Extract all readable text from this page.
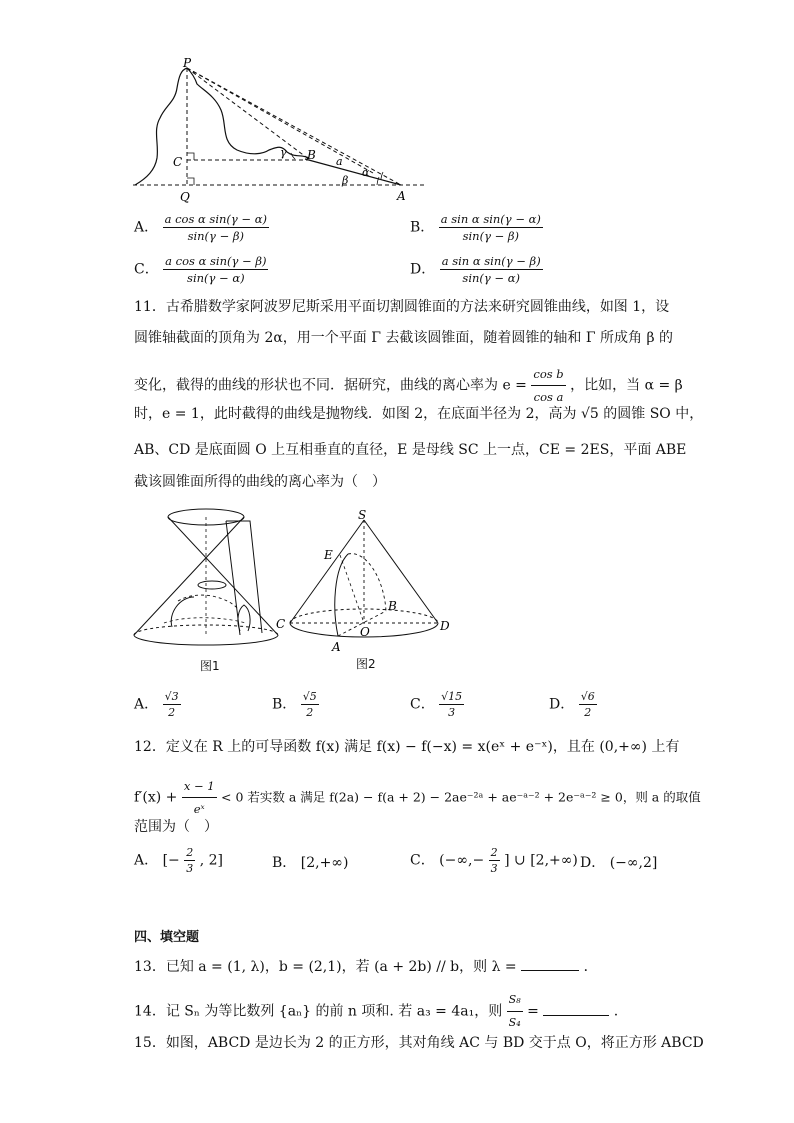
P
C
Q
B
A
a
α
β
γ
A． $\frac{\text{a cos α sin(γ − α)}}{\sin(\gamma - \beta)}$	B． $\frac{\text{a sin α sin(γ − α)}}{\sin(\gamma - \beta)}$
C． $\frac{\text{a cos α sin(γ − β)}}{\sin(\gamma - \alpha)}$	D． $\frac{\text{a sin α sin(γ − β)}}{\sin(\gamma - \alpha)}$
11．古希腊数学家阿波罗尼斯采用平面切割圆锥面的方法来研究圆锥曲线，如图 1，设
圆锥轴截面的顶角为 2α，用一个平面 Γ 去截该圆锥面，随着圆锥的轴和 Γ 所成角 β 的
变化，截得的曲线的形状也不同．据研究，曲线的离心率为 $e = \frac{\text{cos b}}{\text{cos a}}$ ，比如，当 α = β
时，e = 1，此时截得的曲线是抛物线．如图 2，在底面半径为 2，高为 √5 的圆锥 SO 中，
AB、CD 是底面圆 O 上互相垂直的直径，E 是母线 SC 上一点，CE = 2ES，平面 ABE
截该圆锥面所得的曲线的离心率为（　）
图1
S
E
B
C
O	D
A
图2
A． $\frac{√3}{2}$	B． $\frac{√5}{2}$	C． $\frac{√15}{3}$	D． $\frac{√6}{2}$
12．定义在 R 上的可导函数 f(x) 满足 f(x) − f(−x) = x(eˣ + e⁻ˣ)，且在 (0,+∞) 上有
$f'(x) + \frac{x - 1}{\text{eˣ}} < 0$ 若实数 a 满足 f(2a) − f(a + 2) − 2ae⁻²ᵃ + ae⁻ᵃ⁻² + 2e⁻ᵃ⁻² ≥ 0，则 a 的取值
范围为（　）
A． [− $\frac{2}{3}$ , 2]	B． [2,+∞)	C． (−∞,− $\frac{2}{3}$ ] ∪ [2,+∞) D． (−∞,2]
四、填空题
13．已知 a = (1, λ)，b = (2,1)，若 (a + 2b) // b，则 λ =	．
14．记 Sₙ 为等比数列 {aₙ} 的前 n 项和. 若 a₃ = 4a₁，则 $\frac{\text{S₈}}{\text{S₄}}$ =	.
15．如图，ABCD 是边长为 2 的正方形，其对角线 AC 与 BD 交于点 O，将正方形 ABCD
